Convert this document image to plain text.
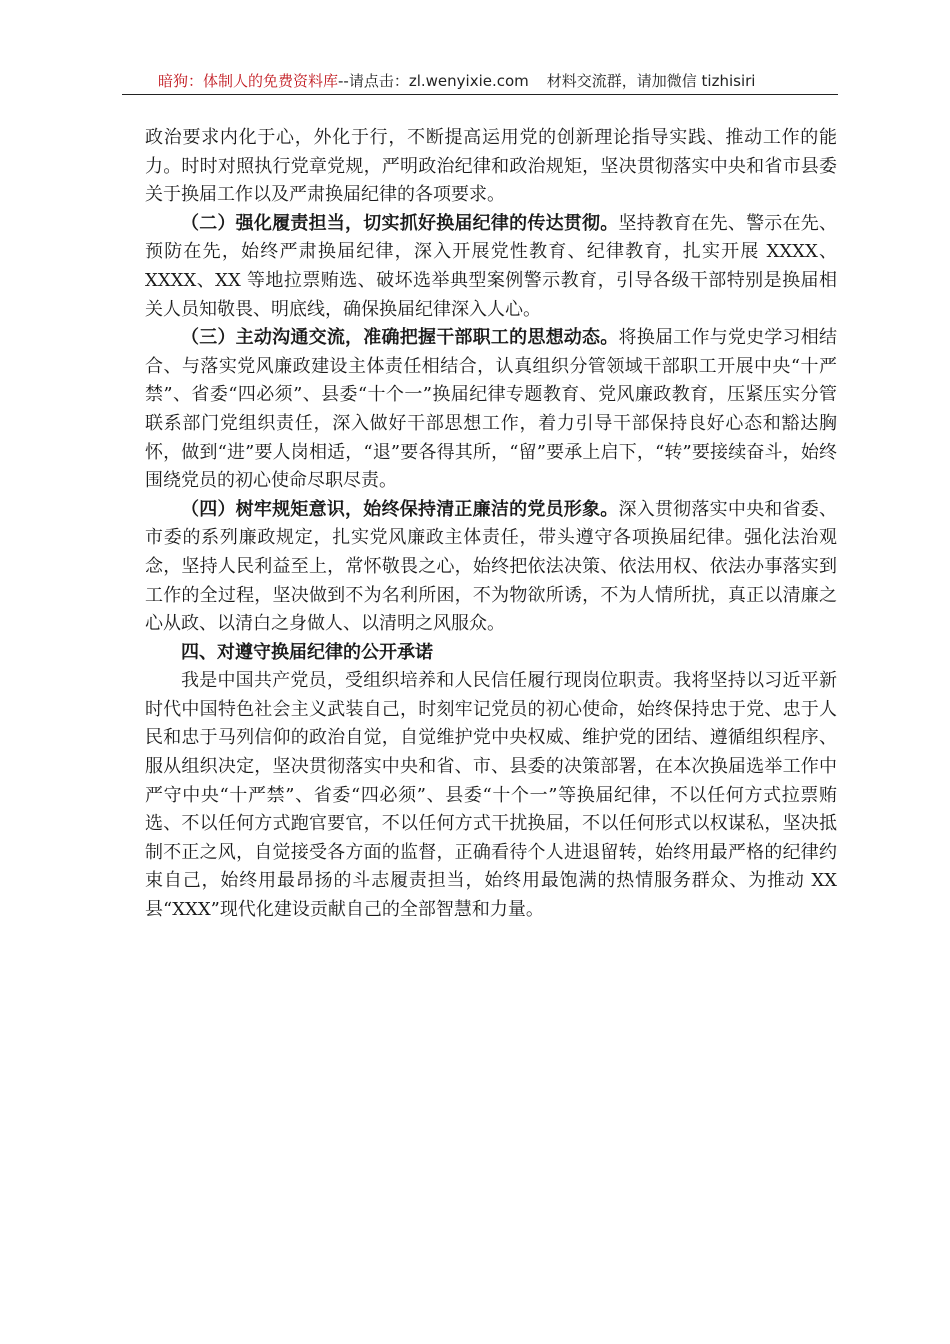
暗狗：体制人的免费资料库--请点击：zl.wenyixie.com 材料交流群，请加微信 tizhisiri

政治要求内化于心，外化于行，不断提高运用党的创新理论指导实践、推动工作的能力。时时对照执行党章党规，严明政治纪律和政治规矩，坚决贯彻落实中央和省市县委关于换届工作以及严肃换届纪律的各项要求。

（二）强化履责担当，切实抓好换届纪律的传达贯彻。坚持教育在先、警示在先、预防在先，始终严肃换届纪律，深入开展党性教育、纪律教育，扎实开展 XXXX、XXXX、XX 等地拉票贿选、破坏选举典型案例警示教育，引导各级干部特别是换届相关人员知敬畏、明底线，确保换届纪律深入人心。

（三）主动沟通交流，准确把握干部职工的思想动态。将换届工作与党史学习相结合、与落实党风廉政建设主体责任相结合，认真组织分管领域干部职工开展中央“十严禁”、省委“四必须”、县委“十个一”换届纪律专题教育、党风廉政教育，压紧压实分管联系部门党组织责任，深入做好干部思想工作，着力引导干部保持良好心态和豁达胸怀，做到“进”要人岗相适，“退”要各得其所，“留”要承上启下，“转”要接续奋斗，始终围绕党员的初心使命尽职尽责。

（四）树牢规矩意识，始终保持清正廉洁的党员形象。深入贯彻落实中央和省委、市委的系列廉政规定，扎实党风廉政主体责任，带头遵守各项换届纪律。强化法治观念，坚持人民利益至上，常怀敬畏之心，始终把依法决策、依法用权、依法办事落实到工作的全过程，坚决做到不为名利所困，不为物欲所诱，不为人情所扰，真正以清廉之心从政、以清白之身做人、以清明之风服众。

四、对遵守换届纪律的公开承诺

我是中国共产党员，受组织培养和人民信任履行现岗位职责。我将坚持以习近平新时代中国特色社会主义武装自己，时刻牢记党员的初心使命，始终保持忠于党、忠于人民和忠于马列信仰的政治自觉，自觉维护党中央权威、维护党的团结、遵循组织程序、服从组织决定，坚决贯彻落实中央和省、市、县委的决策部署，在本次换届选举工作中严守中央“十严禁”、省委“四必须”、县委“十个一”等换届纪律，不以任何方式拉票贿选、不以任何方式跑官要官，不以任何方式干扰换届，不以任何形式以权谋私，坚决抵制不正之风，自觉接受各方面的监督，正确看待个人进退留转，始终用最严格的纪律约束自己，始终用最昂扬的斗志履责担当，始终用最饱满的热情服务群众、为推动 XX 县“XXX”现代化建设贡献自己的全部智慧和力量。
